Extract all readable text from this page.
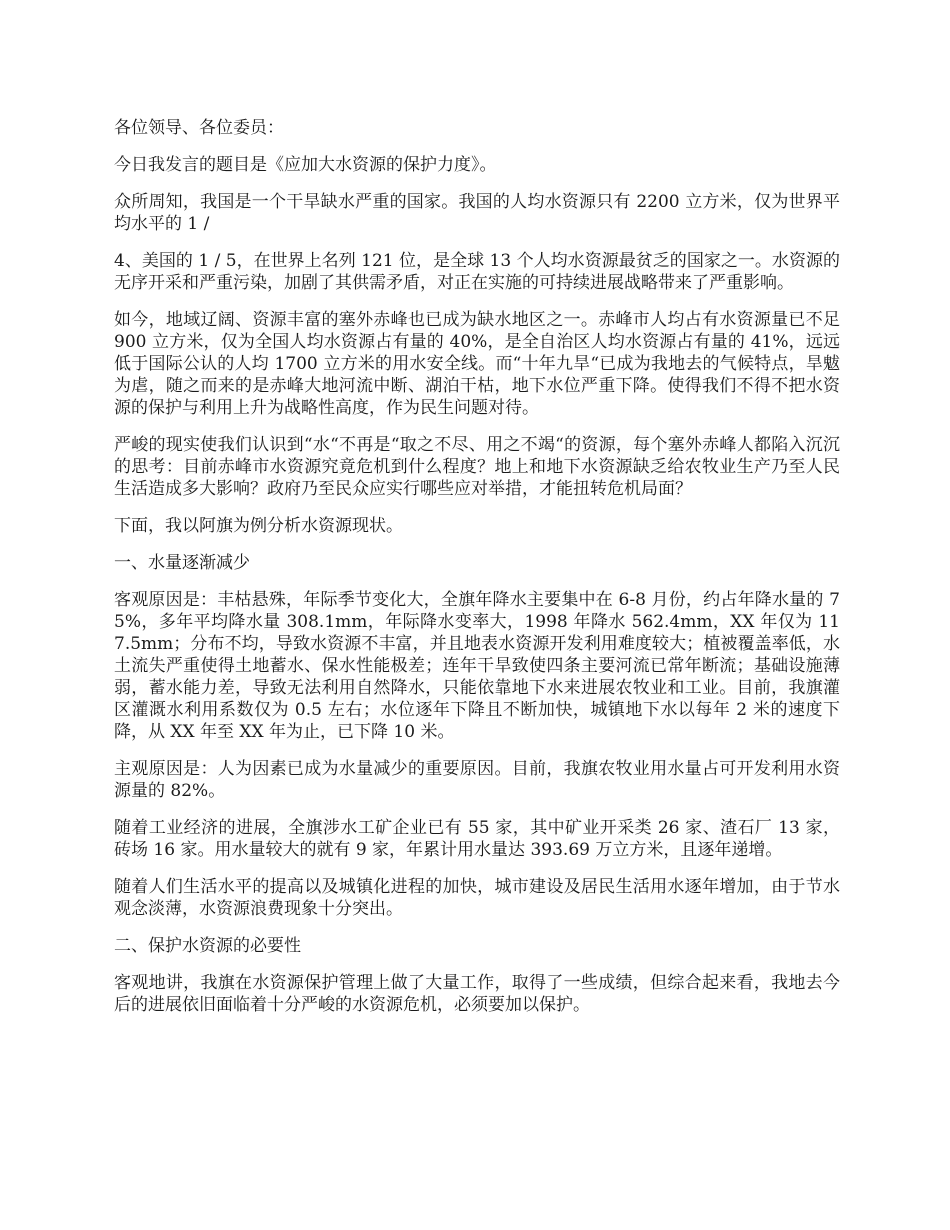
各位领导、各位委员：

今日我发言的题目是《应加大水资源的保护力度》。

众所周知，我国是一个干旱缺水严重的国家。我国的人均水资源只有 2200 立方米，仅为世界平均水平的 1 /

4、美国的 1 / 5，在世界上名列 121 位，是全球 13 个人均水资源最贫乏的国家之一。水资源的无序开采和严重污染，加剧了其供需矛盾，对正在实施的可持续进展战略带来了严重影响。

如今，地域辽阔、资源丰富的塞外赤峰也已成为缺水地区之一。赤峰市人均占有水资源量已不足 900 立方米，仅为全国人均水资源占有量的 40%，是全自治区人均水资源占有量的 41%，远远低于国际公认的人均 1700 立方米的用水安全线。而“十年九旱“已成为我地去的气候特点，旱魃为虐，随之而来的是赤峰大地河流中断、湖泊干枯，地下水位严重下降。使得我们不得不把水资源的保护与利用上升为战略性高度，作为民生问题对待。

严峻的现实使我们认识到“水“不再是“取之不尽、用之不竭“的资源，每个塞外赤峰人都陷入沉沉的思考：目前赤峰市水资源究竟危机到什么程度？地上和地下水资源缺乏给农牧业生产乃至人民生活造成多大影响？政府乃至民众应实行哪些应对举措，才能扭转危机局面？

下面，我以阿旗为例分析水资源现状。

一、水量逐渐减少

客观原因是：丰枯悬殊，年际季节变化大，全旗年降水主要集中在 6-8 月份，约占年降水量的 75%，多年平均降水量 308.1mm，年际降水变率大，1998 年降水 562.4mm，XX 年仅为 117.5mm；分布不均，导致水资源不丰富，并且地表水资源开发利用难度较大；植被覆盖率低，水土流失严重使得土地蓄水、保水性能极差；连年干旱致使四条主要河流已常年断流；基础设施薄弱，蓄水能力差，导致无法利用自然降水，只能依靠地下水来进展农牧业和工业。目前，我旗灌区灌溉水利用系数仅为 0.5 左右；水位逐年下降且不断加快，城镇地下水以每年 2 米的速度下降，从 XX 年至 XX 年为止，已下降 10 米。

主观原因是：人为因素已成为水量减少的重要原因。目前，我旗农牧业用水量占可开发利用水资源量的 82%。

随着工业经济的进展，全旗涉水工矿企业已有 55 家，其中矿业开采类 26 家、渣石厂 13 家，砖场 16 家。用水量较大的就有 9 家，年累计用水量达 393.69 万立方米，且逐年递增。

随着人们生活水平的提高以及城镇化进程的加快，城市建设及居民生活用水逐年增加，由于节水观念淡薄，水资源浪费现象十分突出。

二、保护水资源的必要性

客观地讲，我旗在水资源保护管理上做了大量工作，取得了一些成绩，但综合起来看，我地去今后的进展依旧面临着十分严峻的水资源危机，必须要加以保护。
